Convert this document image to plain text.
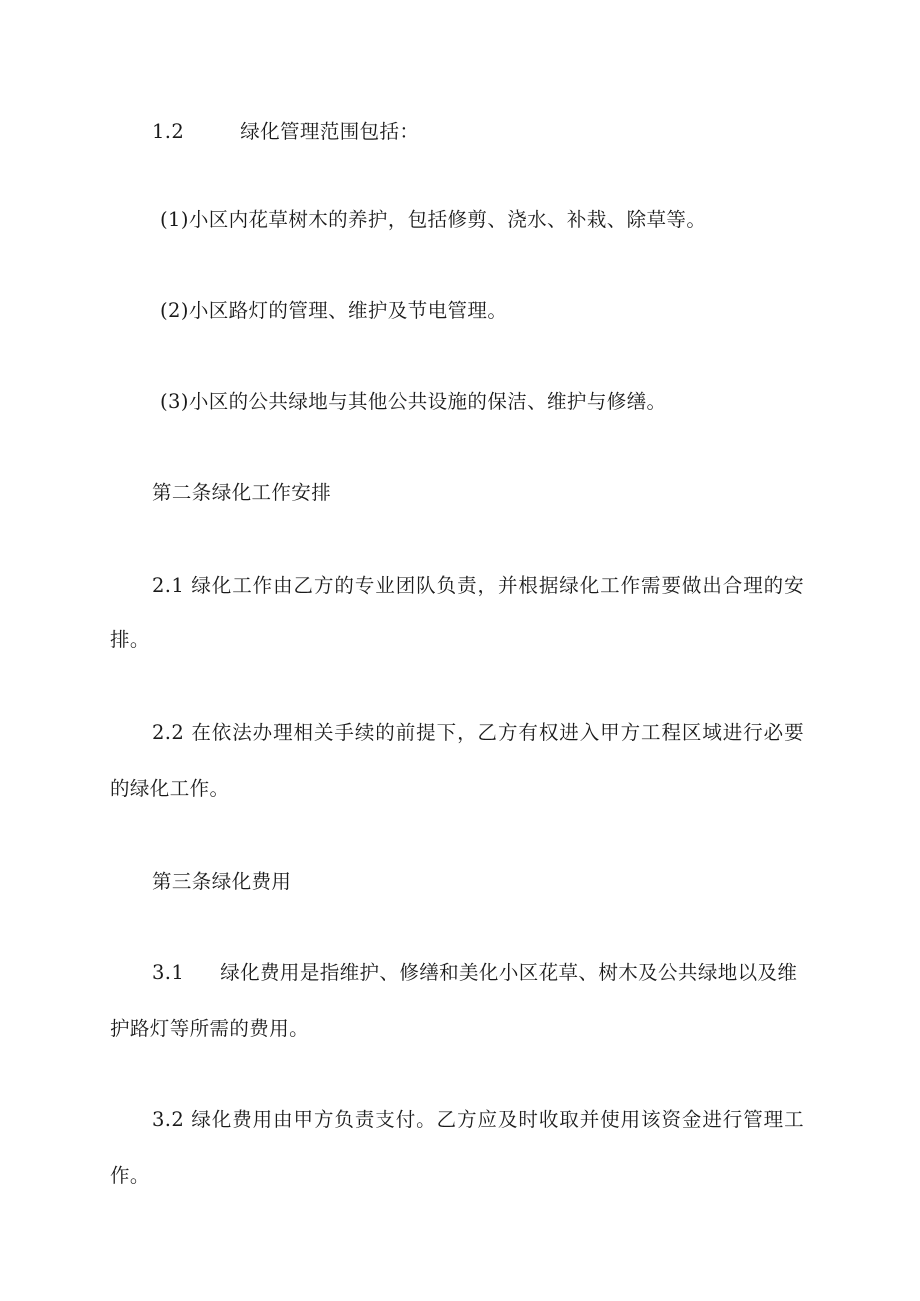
1.2	绿化管理范围包括：
(1)小区内花草树木的养护，包括修剪、浇水、补栽、除草等。
(2)小区路灯的管理、维护及节电管理。
(3)小区的公共绿地与其他公共设施的保洁、维护与修缮。
第二条绿化工作安排
2.1 绿化工作由乙方的专业团队负责，并根据绿化工作需要做出合理的安
排。
2.2 在依法办理相关手续的前提下，乙方有权进入甲方工程区域进行必要
的绿化工作。
第三条绿化费用
3.1 绿化费用是指维护、修缮和美化小区花草、树木及公共绿地以及维
护路灯等所需的费用。
3.2 绿化费用由甲方负责支付。乙方应及时收取并使用该资金进行管理工
作。
